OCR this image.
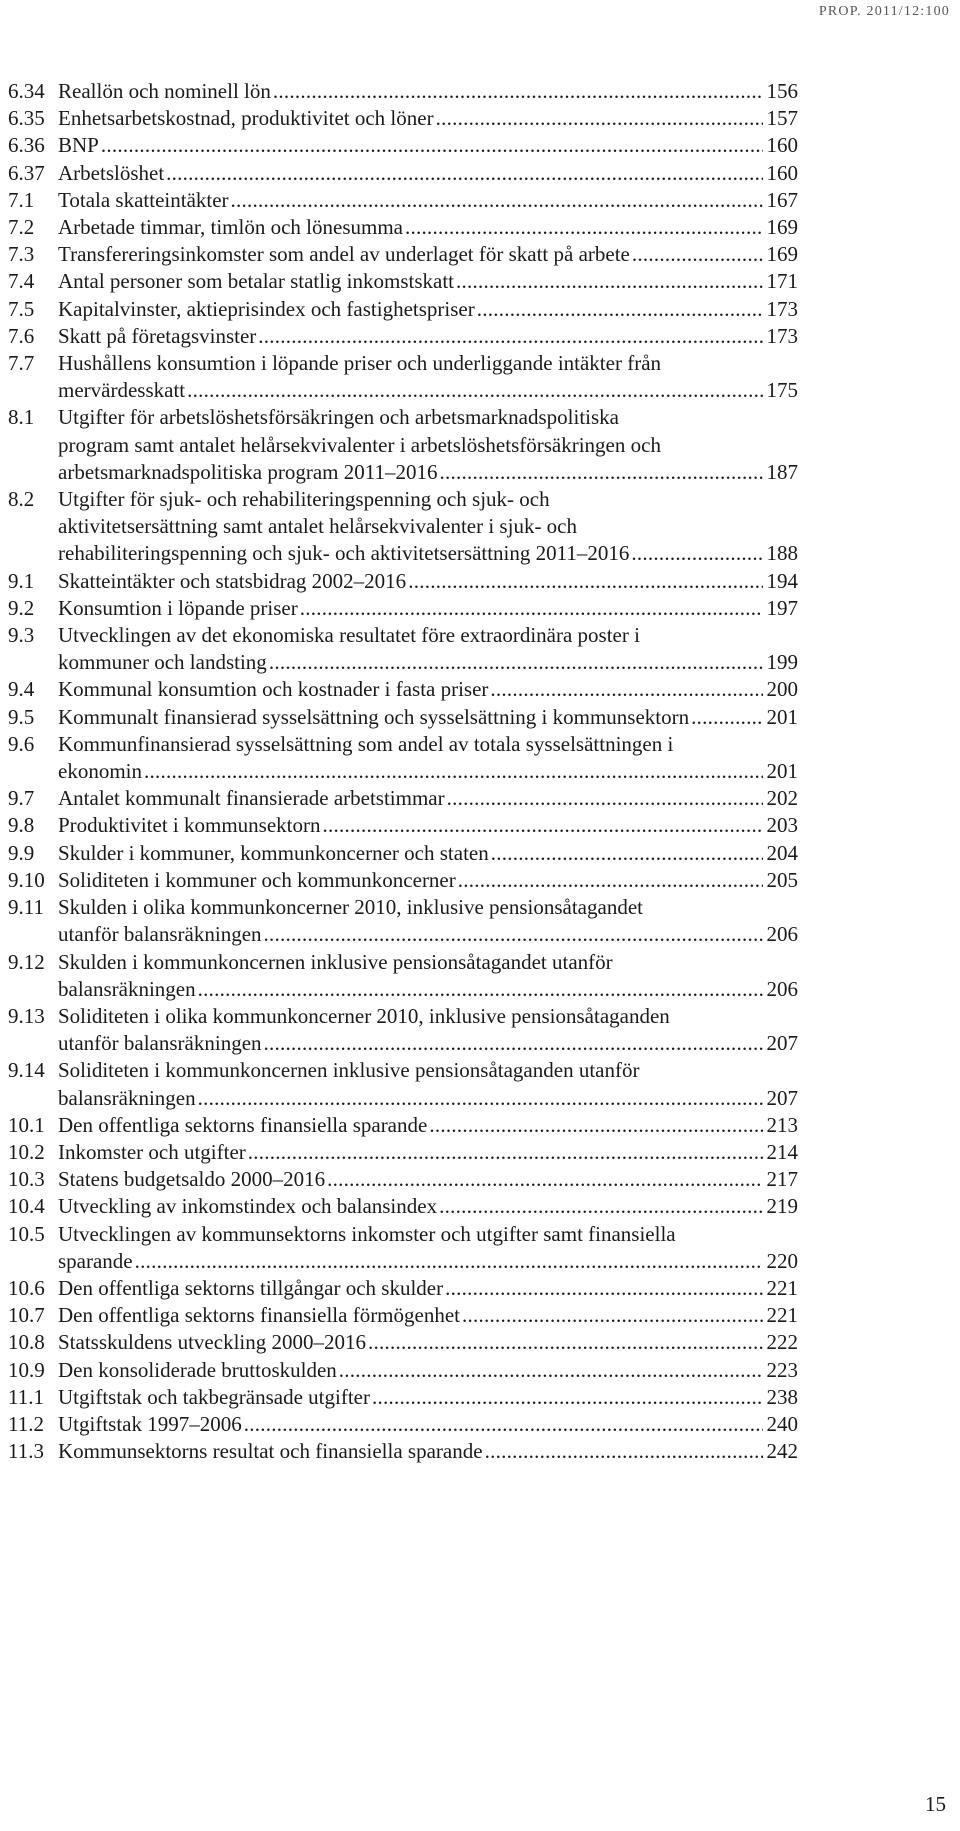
PROP. 2011/12:100
6.34 Reallön och nominell lön . . .	156
6.35 Enhetsarbetskostnad, produktivitet och löner . . .	157
6.36 BNP . . .	160
6.37 Arbetslöshet . . .	160
7.1	Totala skatteintäkter . . .	167
7.2	Arbetade timmar, timlön och lönesumma . . .	169
7.3	Transfereringsinkomster som andel av underlaget för skatt på arbete . . .	169
7.4	Antal personer som betalar statlig inkomstskatt . . .	171
7.5	Kapitalvinster, aktieprisindex och fastighetspriser . . .	173
7.6	Skatt på företagsvinster . . .	173
7.7	Hushållens konsumtion i löpande priser och underliggande intäkter från
mervärdesskatt . . .	175
8.1	Utgifter för arbetslöshetsförsäkringen och arbetsmarknadspolitiska
program samt antalet helårsekvivalenter i arbetslöshetsförsäkringen och
arbetsmarknadspolitiska program 2011–2016 . . .	187
8.2	Utgifter för sjuk- och rehabiliteringspenning och sjuk- och
aktivitetsersättning samt antalet helårsekvivalenter i sjuk- och
rehabiliteringspenning och sjuk- och aktivitetsersättning 2011–2016 . . .	188
9.1	Skatteintäkter och statsbidrag 2002–2016 . . .	194
9.2	Konsumtion i löpande priser . . .	197
9.3	Utvecklingen av det ekonomiska resultatet före extraordinära poster i
kommuner och landsting . . .	199
9.4	Kommunal konsumtion och kostnader i fasta priser . . .	200
9.5	Kommunalt finansierad sysselsättning och sysselsättning i kommunsektorn . . .	201
9.6	Kommunfinansierad sysselsättning som andel av totala sysselsättningen i
ekonomin . . .	201
9.7	Antalet kommunalt finansierade arbetstimmar . . .	202
9.8	Produktivitet i kommunsektorn . . .	203
9.9	Skulder i kommuner, kommunkoncerner och staten . . .	204
9.10 Soliditeten i kommuner och kommunkoncerner . . .	205
9.11 Skulden i olika kommunkoncerner 2010, inklusive pensionsåtagandet
utanför balansräkningen . . .	206
9.12 Skulden i kommunkoncernen inklusive pensionsåtagandet utanför
balansräkningen . . .	206
9.13 Soliditeten i olika kommunkoncerner 2010, inklusive pensionsåtaganden
utanför balansräkningen . . .	207
9.14 Soliditeten i kommunkoncernen inklusive pensionsåtaganden utanför
balansräkningen . . .	207
10.1 Den offentliga sektorns finansiella sparande . . .	213
10.2 Inkomster och utgifter . . .	214
10.3 Statens budgetsaldo 2000–2016 . . .	217
10.4 Utveckling av inkomstindex och balansindex . . .	219
10.5 Utvecklingen av kommunsektorns inkomster och utgifter samt finansiella
sparande . . .	220
10.6 Den offentliga sektorns tillgångar och skulder . . .	221
10.7 Den offentliga sektorns finansiella förmögenhet . . .	221
10.8 Statsskuldens utveckling 2000–2016 . . .	222
10.9 Den konsoliderade bruttoskulden . . .	223
11.1 Utgiftstak och takbegränsade utgifter . . .	238
11.2 Utgiftstak 1997–2006 . . .	240
11.3 Kommunsektorns resultat och finansiella sparande . . .	242
15
